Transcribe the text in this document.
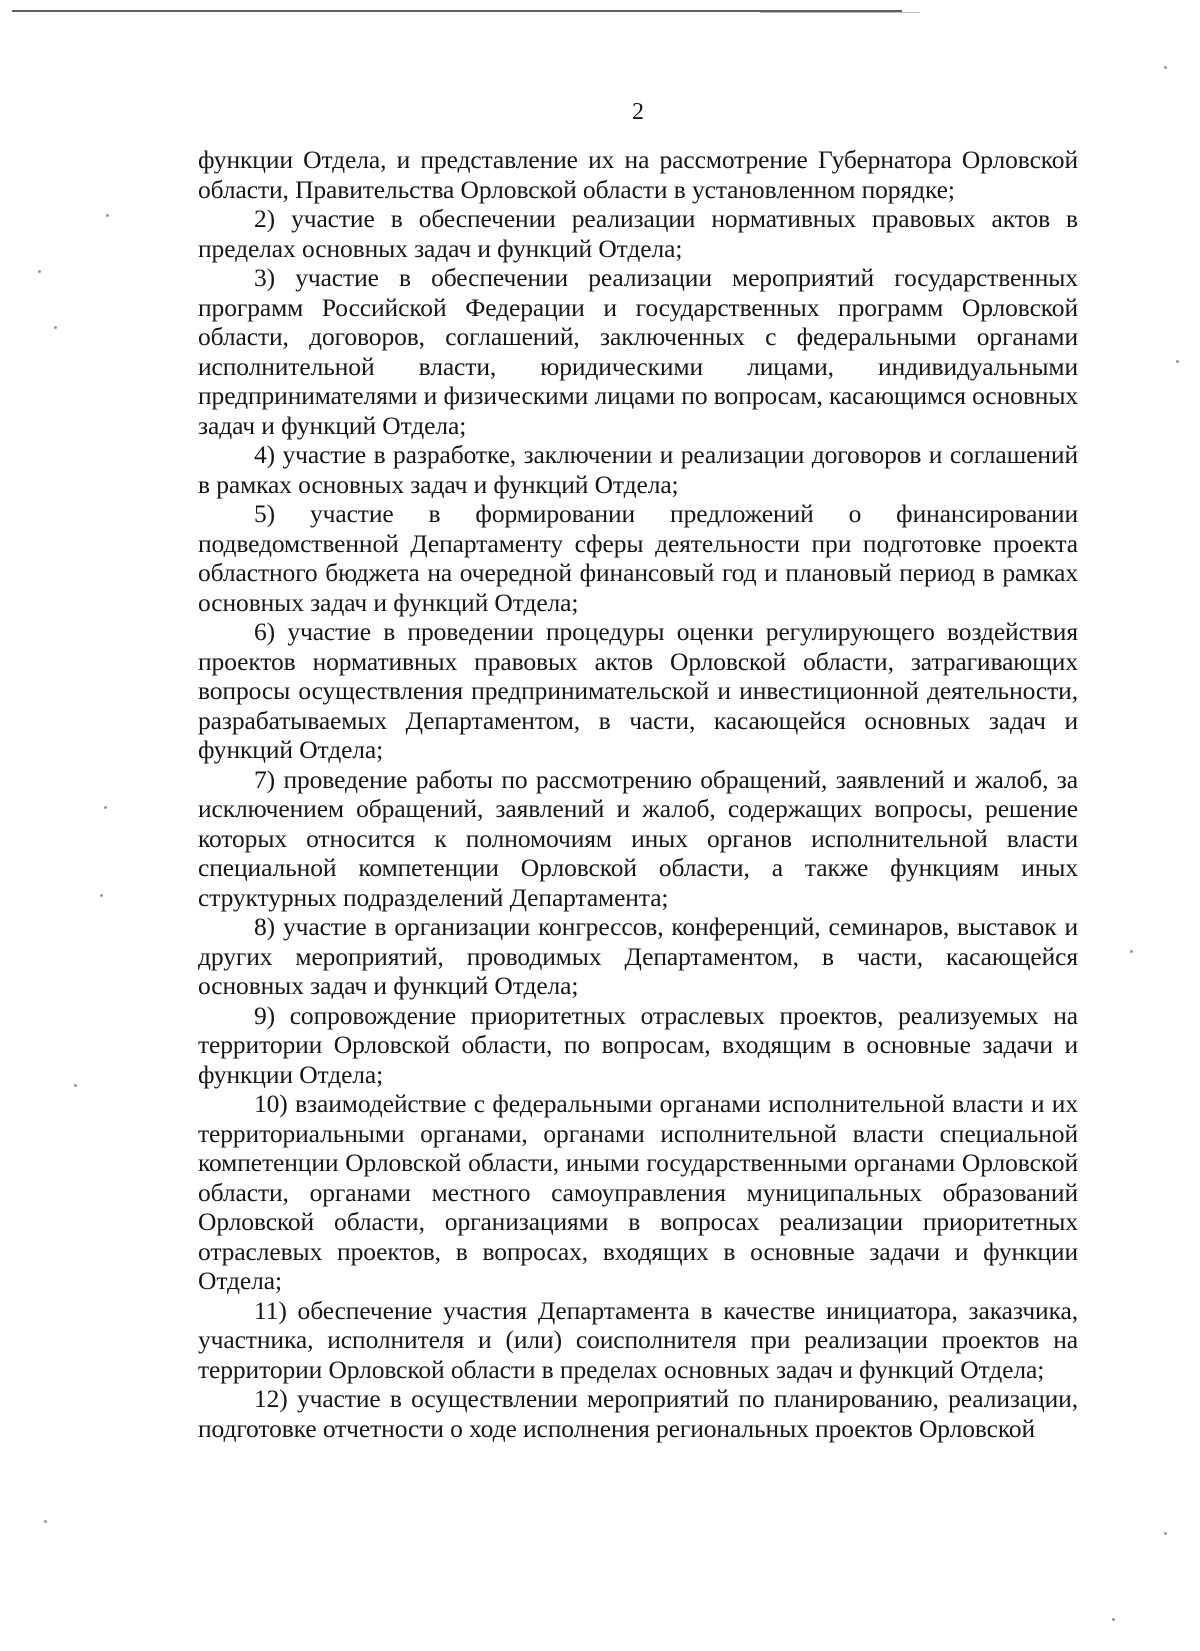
2

функции Отдела, и представление их на рассмотрение Губернатора Орловской области, Правительства Орловской области в установленном порядке;

2) участие в обеспечении реализации нормативных правовых актов в пределах основных задач и функций Отдела;

3) участие в обеспечении реализации мероприятий государственных программ Российской Федерации и государственных программ Орловской области, договоров, соглашений, заключенных с федеральными органами исполнительной власти, юридическими лицами, индивидуальными предпринимателями и физическими лицами по вопросам, касающимся основных задач и функций Отдела;

4) участие в разработке, заключении и реализации договоров и соглашений в рамках основных задач и функций Отдела;

5) участие в формировании предложений о финансировании подведомственной Департаменту сферы деятельности при подготовке проекта областного бюджета на очередной финансовый год и плановый период в рамках основных задач и функций Отдела;

6) участие в проведении процедуры оценки регулирующего воздействия проектов нормативных правовых актов Орловской области, затрагивающих вопросы осуществления предпринимательской и инвестиционной деятельности, разрабатываемых Департаментом, в части, касающейся основных задач и функций Отдела;

7) проведение работы по рассмотрению обращений, заявлений и жалоб, за исключением обращений, заявлений и жалоб, содержащих вопросы, решение которых относится к полномочиям иных органов исполнительной власти специальной компетенции Орловской области, а также функциям иных структурных подразделений Департамента;

8) участие в организации конгрессов, конференций, семинаров, выставок и других мероприятий, проводимых Департаментом, в части, касающейся основных задач и функций Отдела;

9) сопровождение приоритетных отраслевых проектов, реализуемых на территории Орловской области, по вопросам, входящим в основные задачи и функции Отдела;

10) взаимодействие с федеральными органами исполнительной власти и их территориальными органами, органами исполнительной власти специальной компетенции Орловской области, иными государственными органами Орловской области, органами местного самоуправления муниципальных образований Орловской области, организациями в вопросах реализации приоритетных отраслевых проектов, в вопросах, входящих в основные задачи и функции Отдела;

11) обеспечение участия Департамента в качестве инициатора, заказчика, участника, исполнителя и (или) соисполнителя при реализации проектов на территории Орловской области в пределах основных задач и функций Отдела;

12) участие в осуществлении мероприятий по планированию, реализации, подготовке отчетности о ходе исполнения региональных проектов Орловской
